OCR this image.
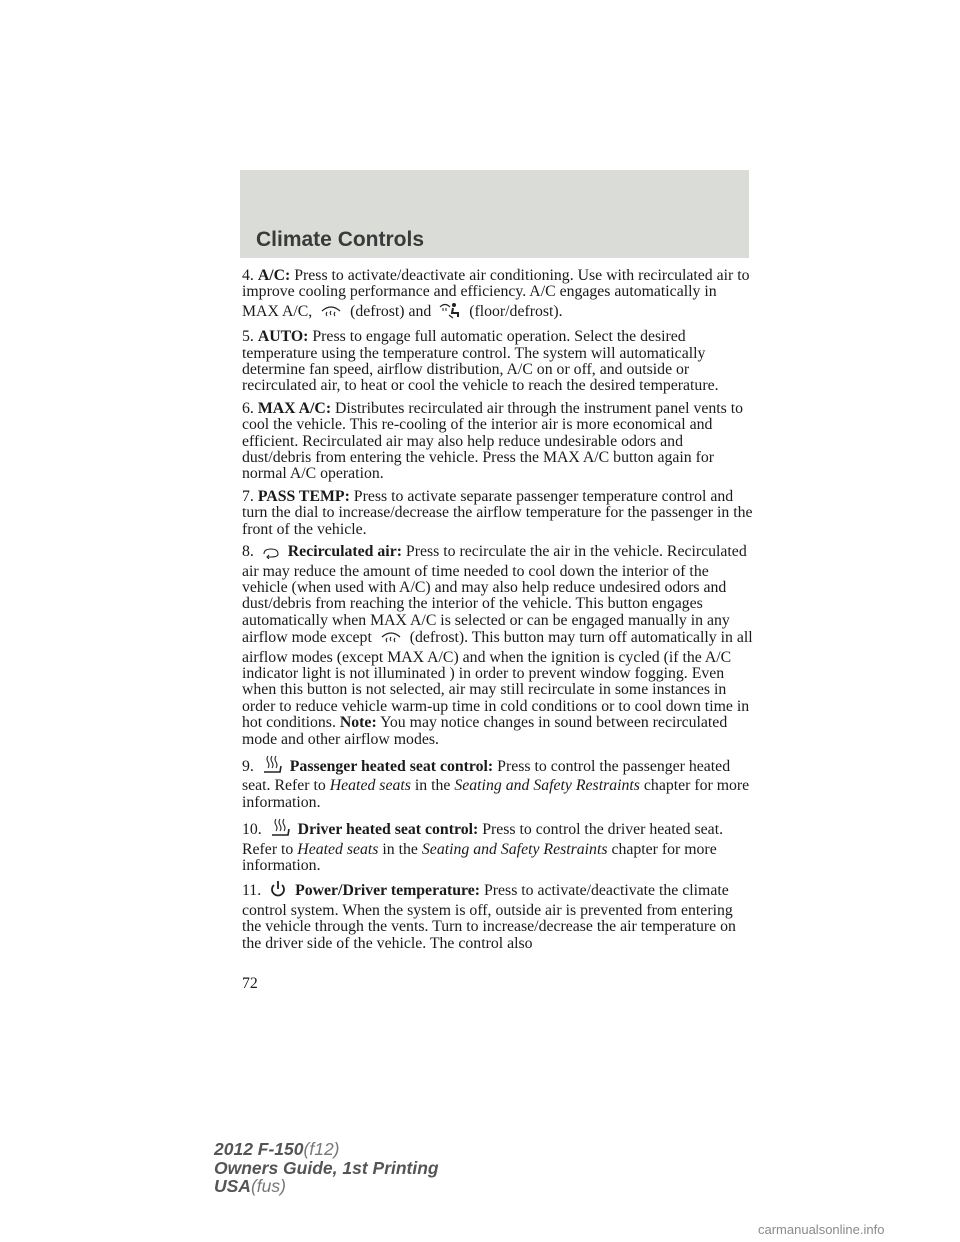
Climate Controls

4. A/C: Press to activate/deactivate air conditioning. Use with recirculated air to improve cooling performance and efficiency. A/C engages automatically in MAX A/C, (defrost) and (floor/defrost).

5. AUTO: Press to engage full automatic operation. Select the desired temperature using the temperature control. The system will automatically determine fan speed, airflow distribution, A/C on or off, and outside or recirculated air, to heat or cool the vehicle to reach the desired temperature.

6. MAX A/C: Distributes recirculated air through the instrument panel vents to cool the vehicle. This re-cooling of the interior air is more economical and efficient. Recirculated air may also help reduce undesirable odors and dust/debris from entering the vehicle. Press the MAX A/C button again for normal A/C operation.

7. PASS TEMP: Press to activate separate passenger temperature control and turn the dial to increase/decrease the airflow temperature for the passenger in the front of the vehicle.

8. Recirculated air: Press to recirculate the air in the vehicle. Recirculated air may reduce the amount of time needed to cool down the interior of the vehicle (when used with A/C) and may also help reduce undesired odors and dust/debris from reaching the interior of the vehicle. This button engages automatically when MAX A/C is selected or can be engaged manually in any airflow mode except (defrost). This button may turn off automatically in all airflow modes (except MAX A/C) and when the ignition is cycled (if the A/C indicator light is not illuminated ) in order to prevent window fogging. Even when this button is not selected, air may still recirculate in some instances in order to reduce vehicle warm-up time in cold conditions or to cool down time in hot conditions. Note: You may notice changes in sound between recirculated mode and other airflow modes.

9. Passenger heated seat control: Press to control the passenger heated seat. Refer to Heated seats in the Seating and Safety Restraints chapter for more information.

10. Driver heated seat control: Press to control the driver heated seat. Refer to Heated seats in the Seating and Safety Restraints chapter for more information.

11. Power/Driver temperature: Press to activate/deactivate the climate control system. When the system is off, outside air is prevented from entering the vehicle through the vents. Turn to increase/decrease the air temperature on the driver side of the vehicle. The control also

72
2012 F-150(f12)
Owners Guide, 1st Printing
USA(fus)
carmanualsonline.info
